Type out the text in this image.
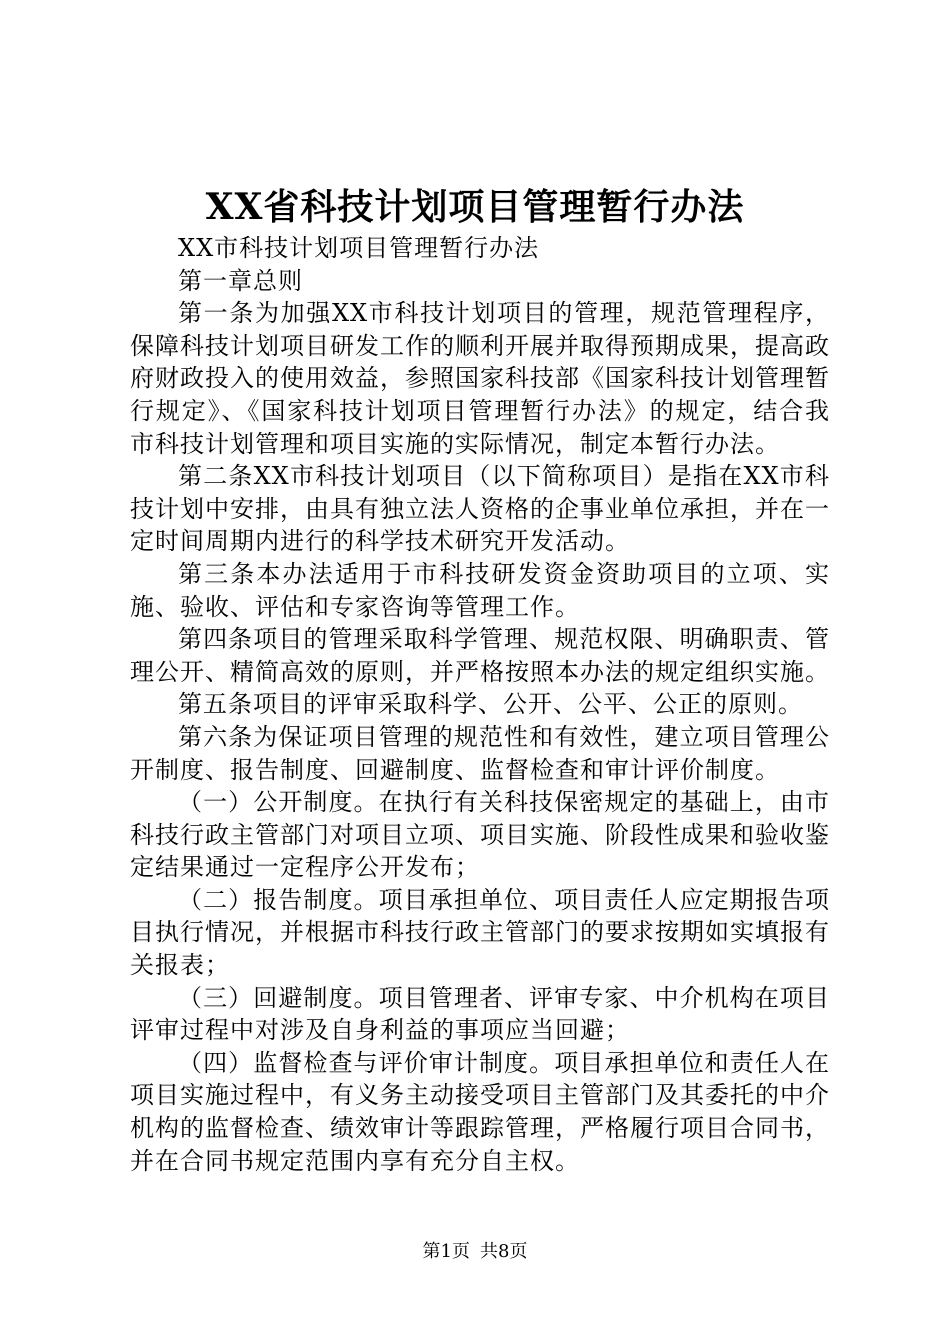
XX省科技计划项目管理暂行办法

XX市科技计划项目管理暂行办法

第一章总则

第一条为加强XX市科技计划项目的管理，规范管理程序，保障科技计划项目研发工作的顺利开展并取得预期成果，提高政府财政投入的使用效益，参照国家科技部《国家科技计划管理暂行规定》、《国家科技计划项目管理暂行办法》的规定，结合我市科技计划管理和项目实施的实际情况，制定本暂行办法。

第二条XX市科技计划项目（以下简称项目）是指在XX市科技计划中安排，由具有独立法人资格的企事业单位承担，并在一定时间周期内进行的科学技术研究开发活动。

第三条本办法适用于市科技研发资金资助项目的立项、实施、验收、评估和专家咨询等管理工作。

第四条项目的管理采取科学管理、规范权限、明确职责、管理公开、精简高效的原则，并严格按照本办法的规定组织实施。

第五条项目的评审采取科学、公开、公平、公正的原则。

第六条为保证项目管理的规范性和有效性，建立项目管理公开制度、报告制度、回避制度、监督检查和审计评价制度。

（一）公开制度。在执行有关科技保密规定的基础上，由市科技行政主管部门对项目立项、项目实施、阶段性成果和验收鉴定结果通过一定程序公开发布；

（二）报告制度。项目承担单位、项目责任人应定期报告项目执行情况，并根据市科技行政主管部门的要求按期如实填报有关报表；

（三）回避制度。项目管理者、评审专家、中介机构在项目评审过程中对涉及自身利益的事项应当回避；

（四）监督检查与评价审计制度。项目承担单位和责任人在项目实施过程中，有义务主动接受项目主管部门及其委托的中介机构的监督检查、绩效审计等跟踪管理，严格履行项目合同书，并在合同书规定范围内享有充分自主权。

第1页 共8页
